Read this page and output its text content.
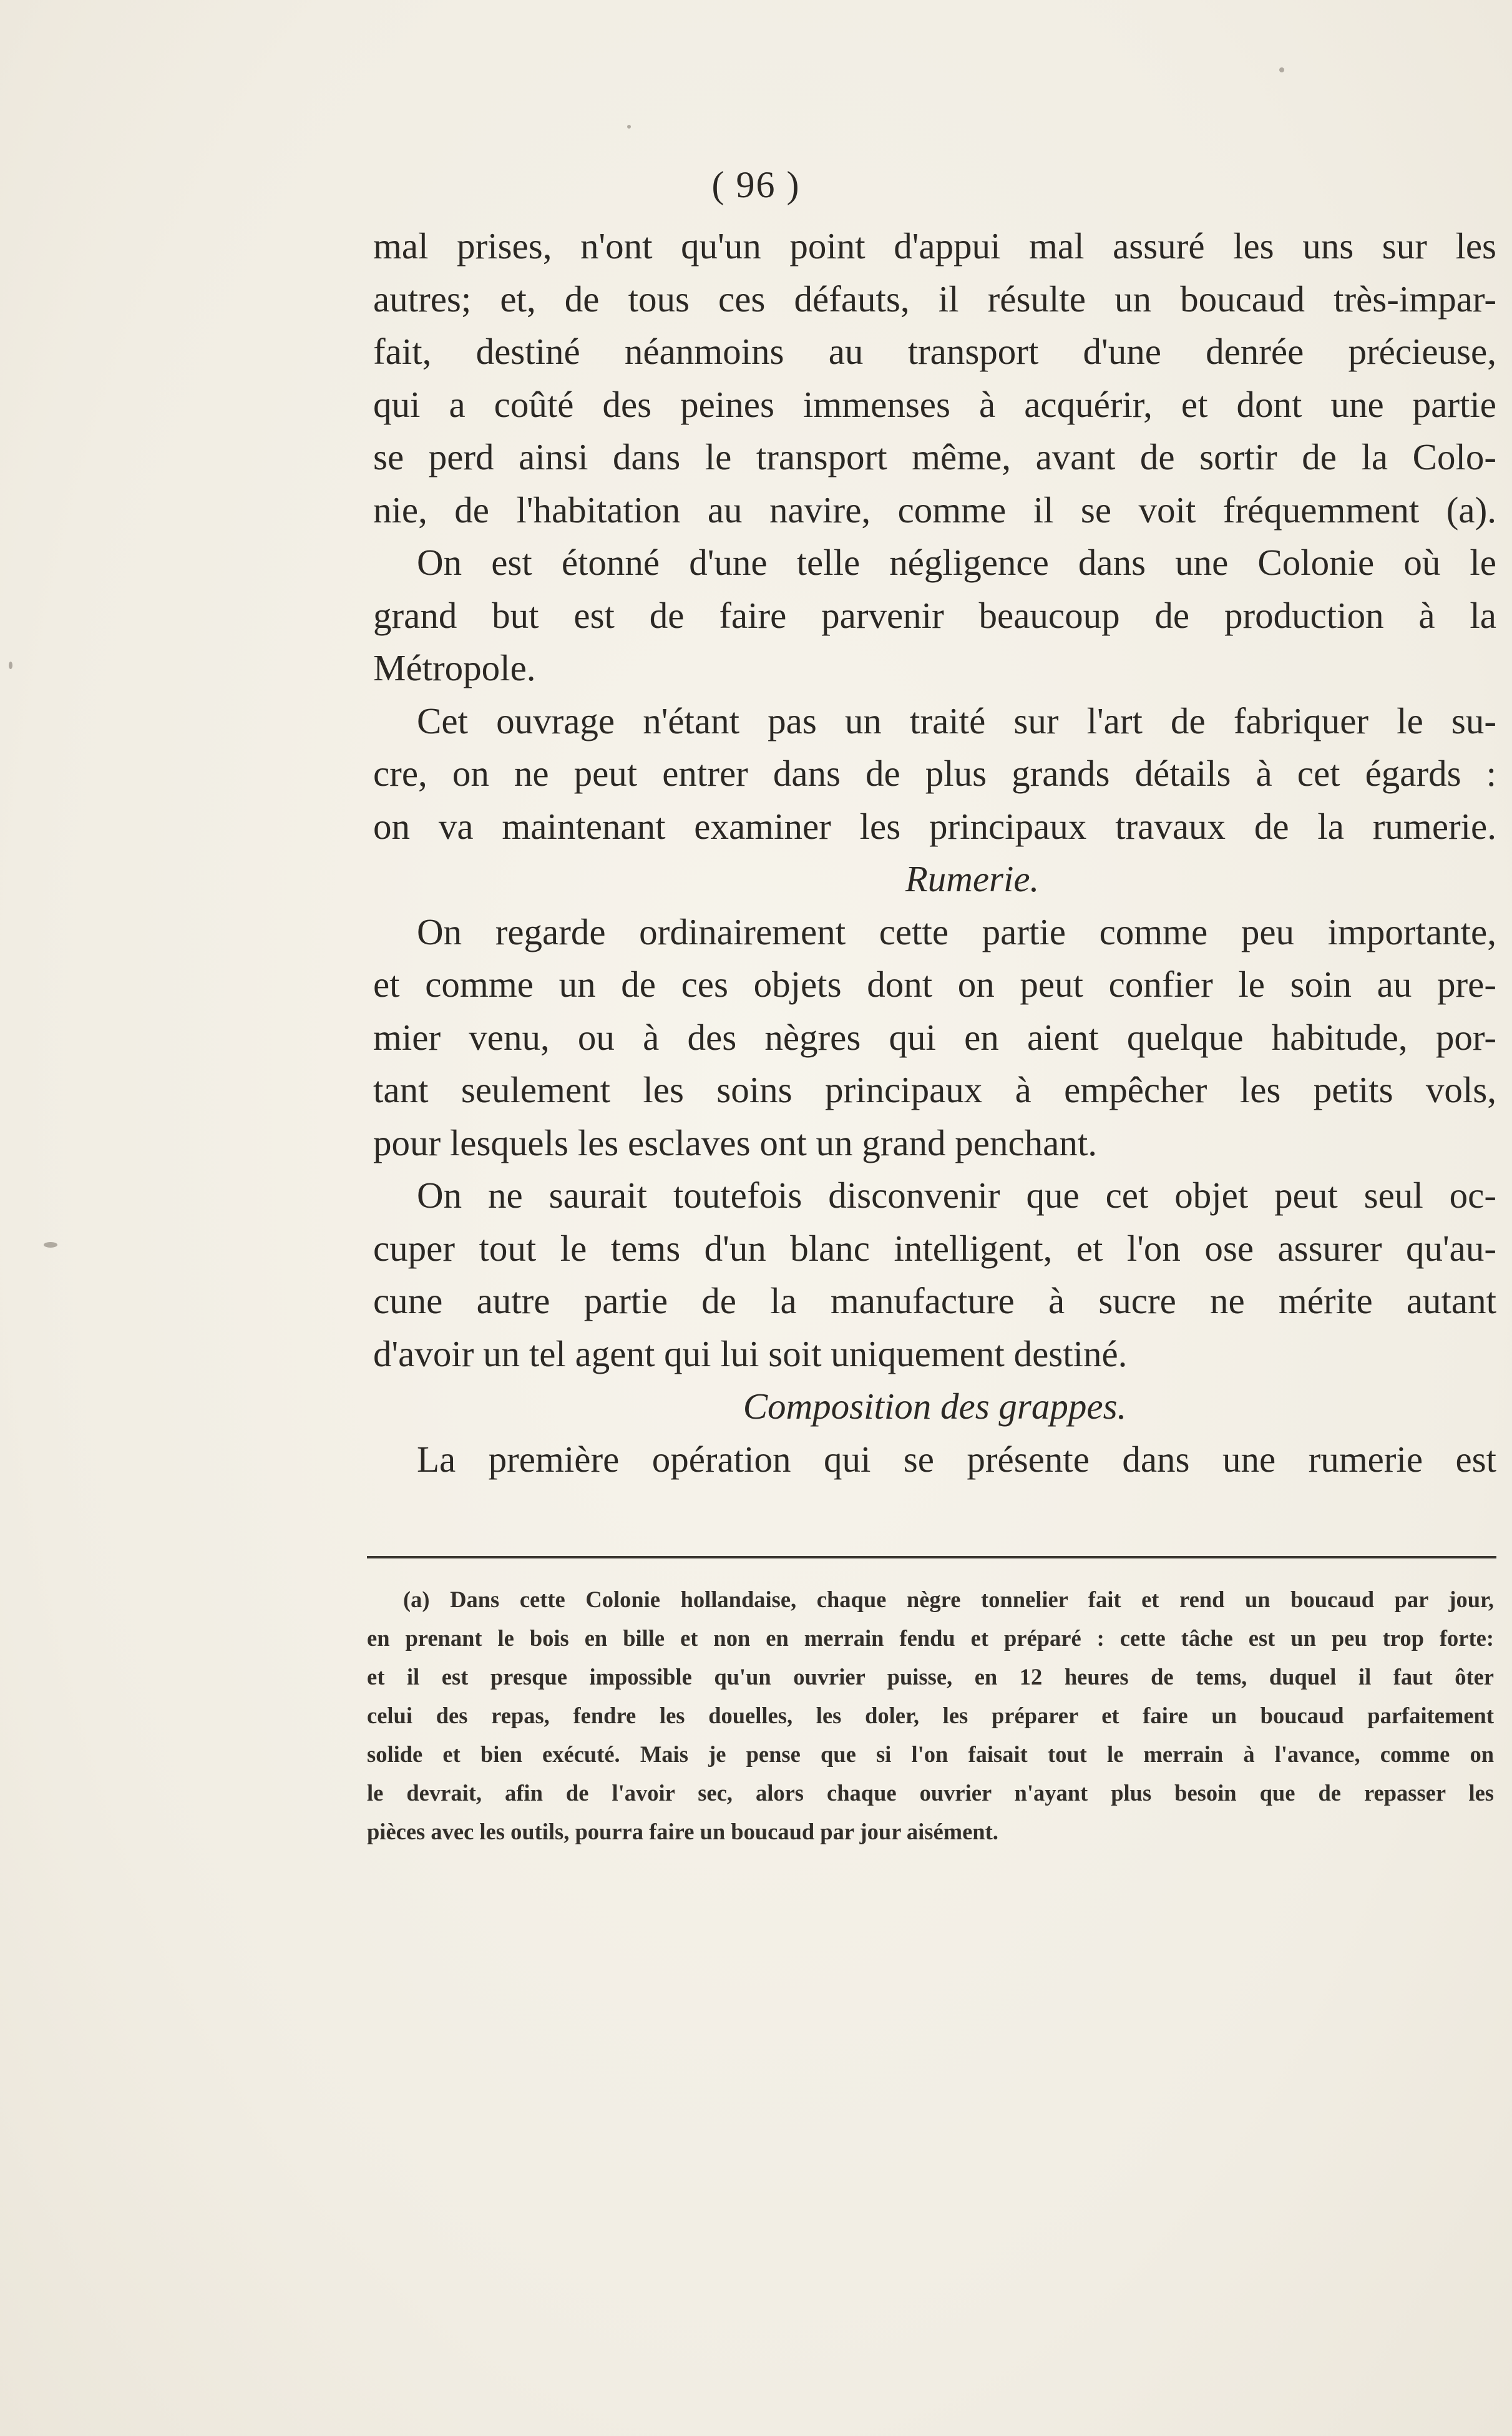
( 96 )
mal prises, n'ont qu'un point d'appui mal assuré les uns sur les
autres; et, de tous ces défauts, il résulte un boucaud très-impar-
fait, destiné néanmoins au transport d'une denrée précieuse,
qui a coûté des peines immenses à acquérir, et dont une partie
se perd ainsi dans le transport même, avant de sortir de la Colo-
nie, de l'habitation au navire, comme il se voit fréquemment (a).
On est étonné d'une telle négligence dans une Colonie où le
grand but est de faire parvenir beaucoup de production à la
Métropole.
Cet ouvrage n'étant pas un traité sur l'art de fabriquer le su-
cre, on ne peut entrer dans de plus grands détails à cet égards :
on va maintenant examiner les principaux travaux de la rumerie.
Rumerie.
On regarde ordinairement cette partie comme peu importante,
et comme un de ces objets dont on peut confier le soin au pre-
mier venu, ou à des nègres qui en aient quelque habitude, por-
tant seulement les soins principaux à empêcher les petits vols,
pour lesquels les esclaves ont un grand penchant.
On ne saurait toutefois disconvenir que cet objet peut seul oc-
cuper tout le tems d'un blanc intelligent, et l'on ose assurer qu'au-
cune autre partie de la manufacture à sucre ne mérite autant
d'avoir un tel agent qui lui soit uniquement destiné.
Composition des grappes.
La première opération qui se présente dans une rumerie est
(a) Dans cette Colonie hollandaise, chaque nègre tonnelier fait et rend un boucaud par jour,
en prenant le bois en bille et non en merrain fendu et préparé : cette tâche est un peu trop forte:
et il est presque impossible qu'un ouvrier puisse, en 12 heures de tems, duquel il faut ôter
celui des repas, fendre les douelles, les doler, les préparer et faire un boucaud parfaitement
solide et bien exécuté. Mais je pense que si l'on faisait tout le merrain à l'avance, comme on
le devrait, afin de l'avoir sec, alors chaque ouvrier n'ayant plus besoin que de repasser les
pièces avec les outils, pourra faire un boucaud par jour aisément.
